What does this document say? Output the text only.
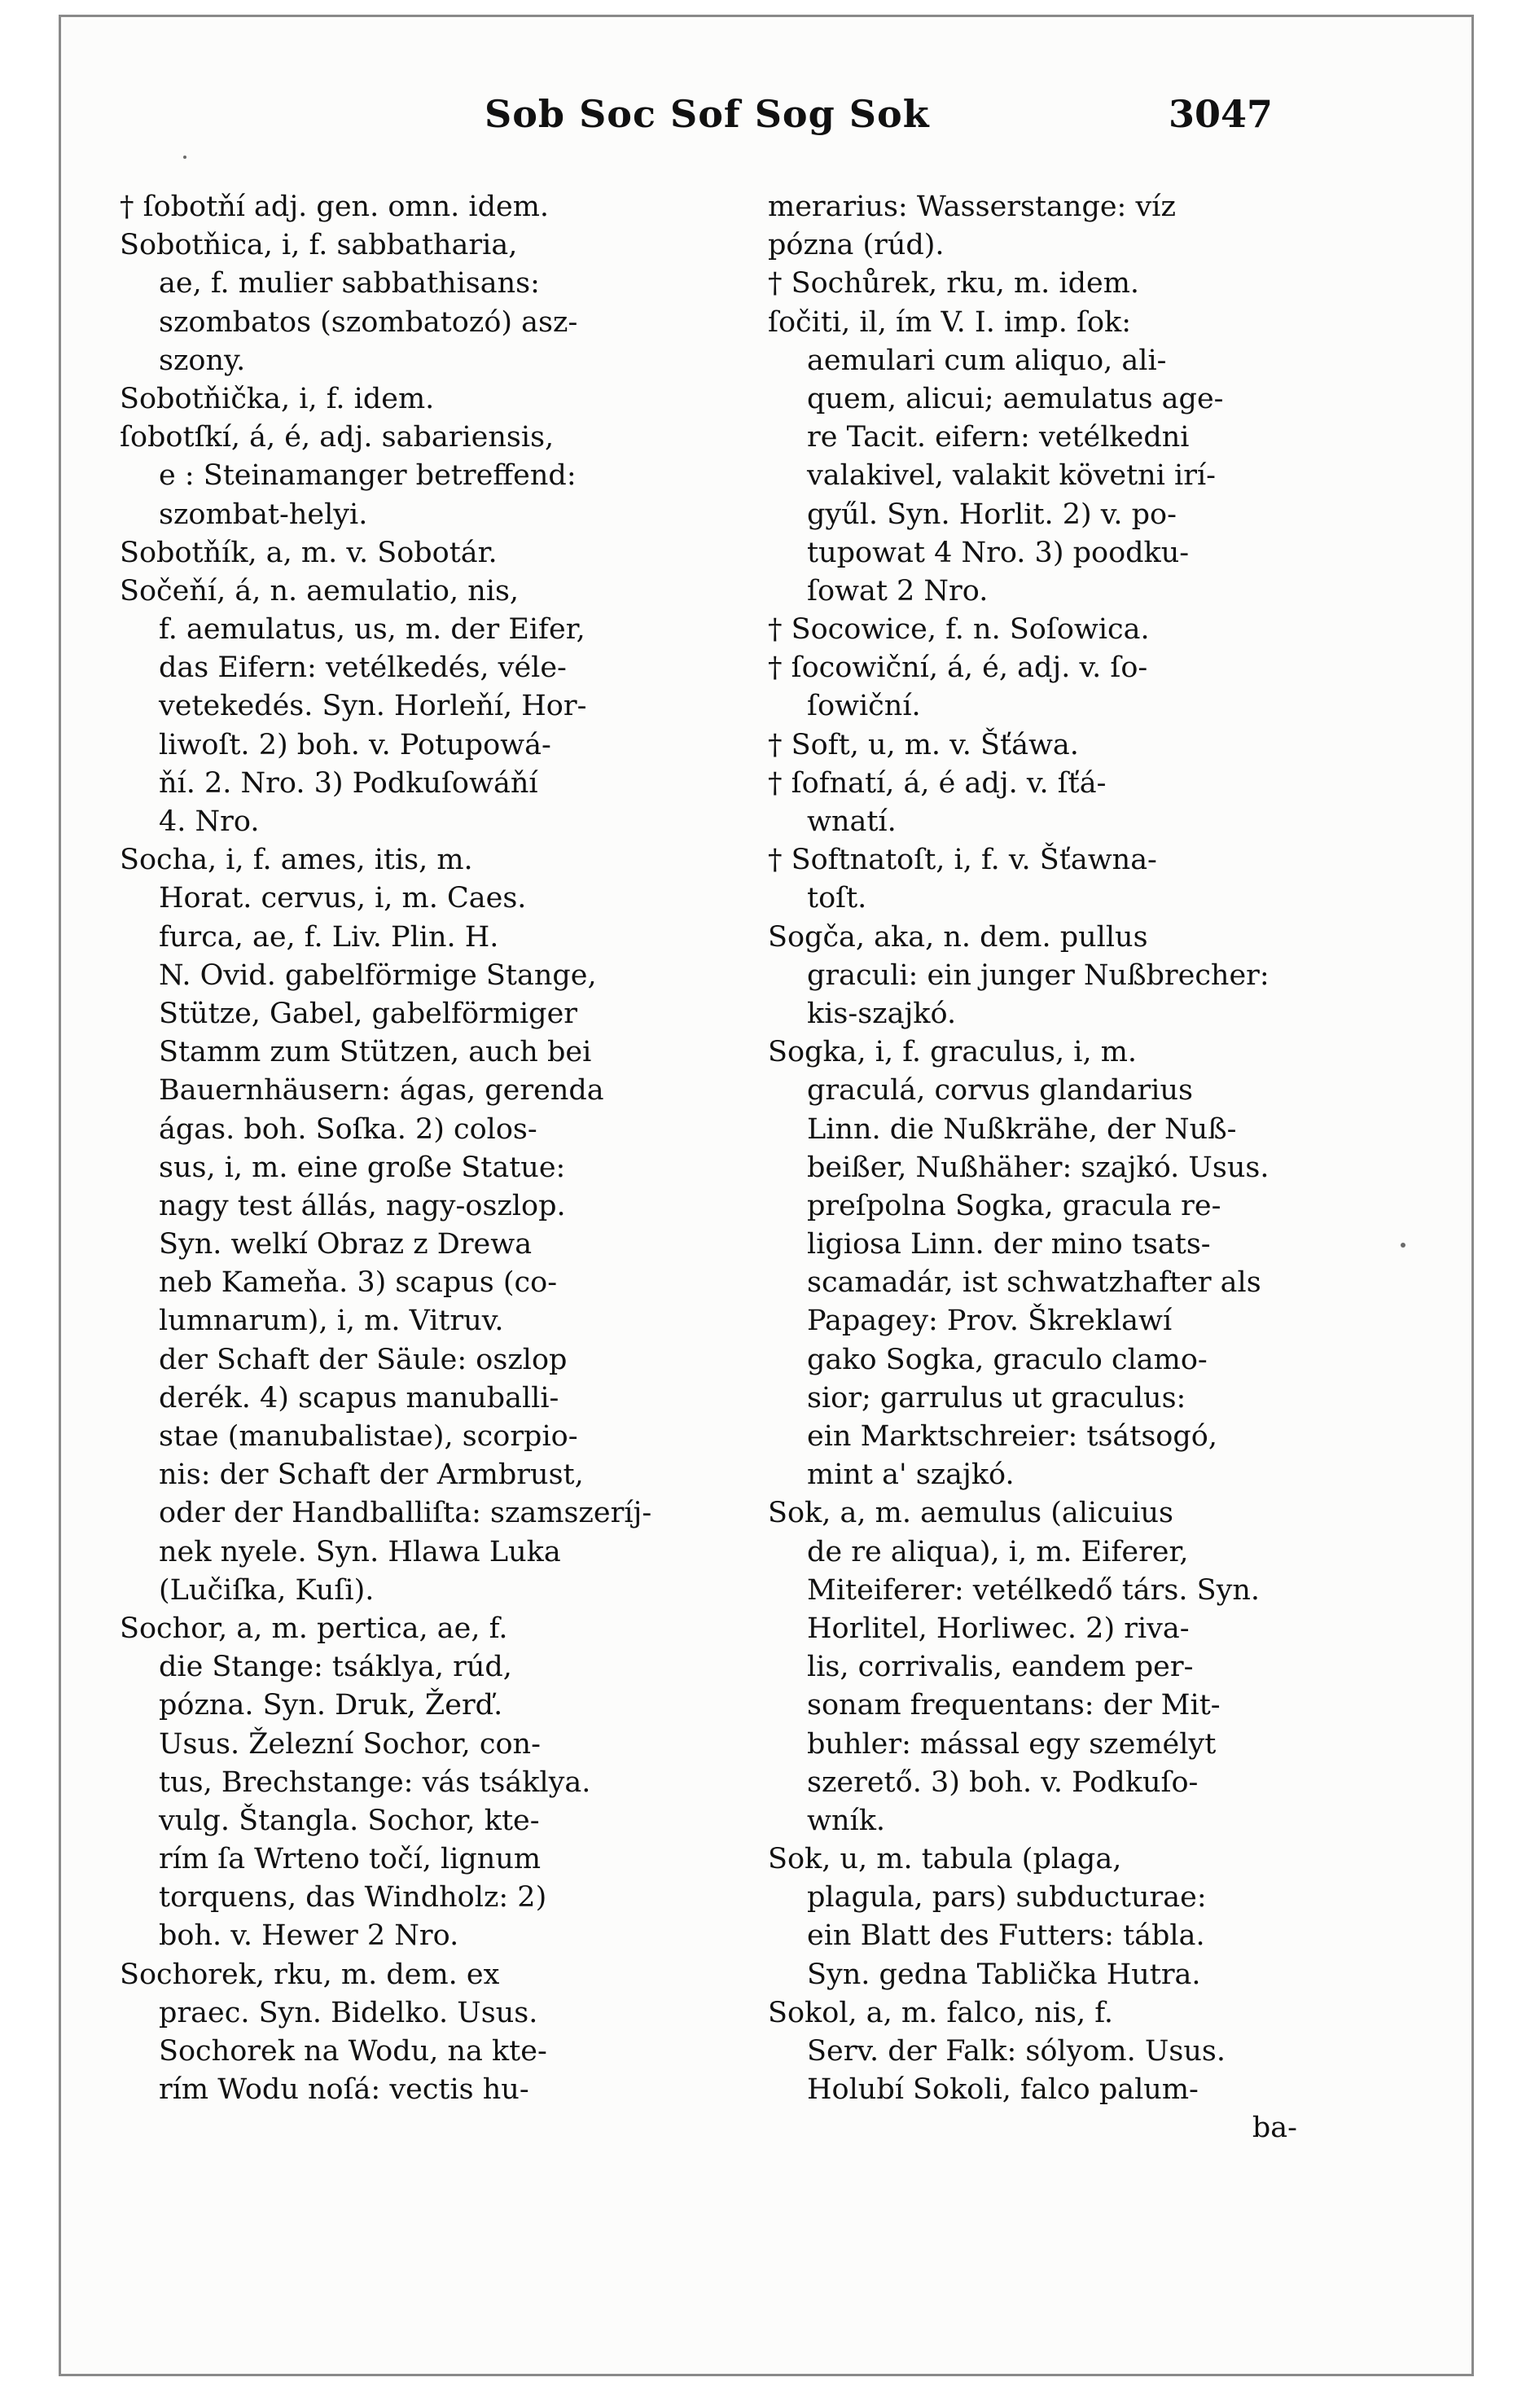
Sob Soc Sof Sog Sok	3047
† ſobotňí adj. gen. omn. idem.
Sobotňica, i, f. sabbatharia,
ae, f. mulier sabbathisans:
szombatos (szombatozó) asz-
szony.
Sobotňička, i, f. idem.
ſobotſkí, á, é, adj. sabariensis,
e : Steinamanger betreffend:
szombat-helyi.
Sobotňík, a, m. v. Sobotár.
Sočeňí, á, n. aemulatio, nis,
f. aemulatus, us, m. der Eifer,
das Eifern: vetélkedés, véle-
vetekedés. Syn. Horleňí, Hor-
liwoſt. 2) boh. v. Potupowá-
ňí. 2. Nro. 3) Podkuſowáňí
4. Nro.
Socha, i, f. ames, itis, m.
Horat. cervus, i, m. Caes.
furca, ae, f. Liv. Plin. H.
N. Ovid. gabelförmige Stange,
Stütze, Gabel, gabelförmiger
Stamm zum Stützen, auch bei
Bauernhäusern: ágas, gerenda
ágas. boh. Soſka. 2) colos-
sus, i, m. eine große Statue:
nagy test állás, nagy-oszlop.
Syn. welkí Obraz z Drewa
neb Kameňa. 3) scapus (co-
lumnarum), i, m. Vitruv.
der Schaft der Säule: oszlop
derék. 4) scapus manuballi-
stae (manubalistae), scorpio-
nis: der Schaft der Armbrust,
oder der Handballiſta: szamszeríj-
nek nyele. Syn. Hlawa Luka
(Lučiſka, Kuſi).
Sochor, a, m. pertica, ae, f.
die Stange: tsáklya, rúd,
pózna. Syn. Druk, Žerď.
Usus. Železní Sochor, con-
tus, Brechstange: vás tsáklya.
vulg. Štangla. Sochor, kte-
rím ſa Wrteno točí, lignum
torquens, das Windholz: 2)
boh. v. Hewer 2 Nro.
Sochorek, rku, m. dem. ex
praec. Syn. Bidelko. Usus.
Sochorek na Wodu, na kte-
rím Wodu noſá: vectis hu-
merarius: Wasserstange: víz
pózna (rúd).
† Sochůrek, rku, m. idem.
ſočiti, il, ím V. I. imp. ſok:
aemulari cum aliquo, ali-
quem, alicui; aemulatus age-
re Tacit. eifern: vetélkedni
valakivel, valakit követni irí-
gyűl. Syn. Horlit. 2) v. po-
tupowat 4 Nro. 3) poodku-
ſowat 2 Nro.
† Socowice, f. n. Soſowica.
† ſocowiční, á, é, adj. v. ſo-
ſowiční.
† Soft, u, m. v. Šťáwa.
† ſofnatí, á, é adj. v. ſťá-
wnatí.
† Softnatoſt, i, f. v. Šťawna-
toſt.
Sogča, aka, n. dem. pullus
graculi: ein junger Nußbrecher:
kis-szajkó.
Sogka, i, f. graculus, i, m.
graculá, corvus glandarius
Linn. die Nußkrähe, der Nuß-
beißer, Nußhäher: szajkó. Usus.
preſpolna Sogka, gracula re-
ligiosa Linn. der mino tsats-
scamadár, ist schwatzhafter als
Papagey: Prov. Škreklawí
gako Sogka, graculo clamo-
sior; garrulus ut graculus:
ein Marktschreier: tsátsogó,
mint a' szajkó.
Sok, a, m. aemulus (alicuius
de re aliqua), i, m. Eiferer,
Miteiferer: vetélkedő társ. Syn.
Horlitel, Horliwec. 2) riva-
lis, corrivalis, eandem per-
sonam frequentans: der Mit-
buhler: mással egy személyt
szerető. 3) boh. v. Podkuſo-
wník.
Sok, u, m. tabula (plaga,
plagula, pars) subducturae:
ein Blatt des Futters: tábla.
Syn. gedna Tablička Hutra.
Sokol, a, m. falco, nis, f.
Serv. der Falk: sólyom. Usus.
Holubí Sokoli, falco palum-
ba-
